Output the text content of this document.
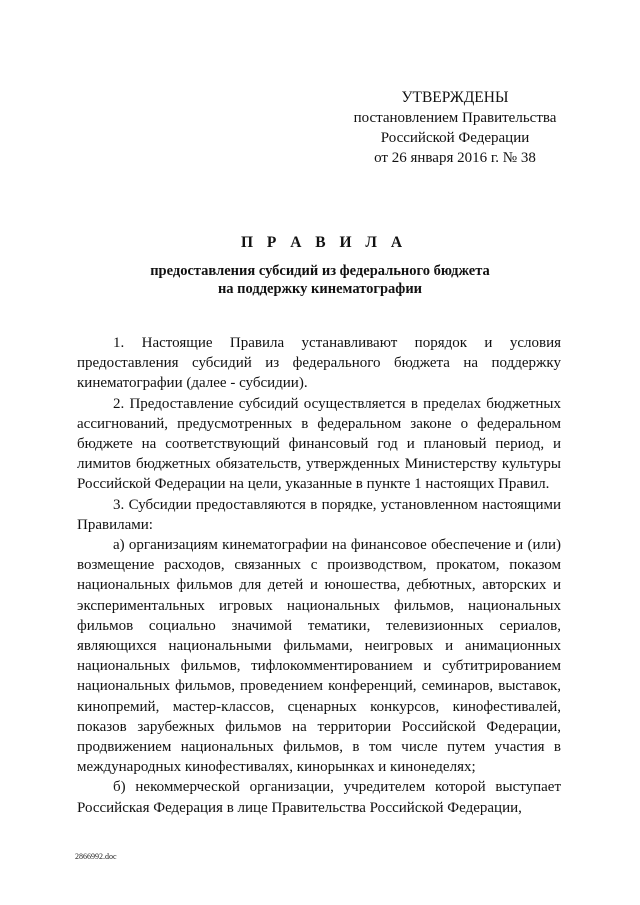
УТВЕРЖДЕНЫ
постановлением Правительства
Российской Федерации
от 26 января 2016 г. № 38
П Р А В И Л А
предоставления субсидий из федерального бюджета
на поддержку кинематографии

1. Настоящие Правила устанавливают порядок и условия предоставления субсидий из федерального бюджета на поддержку кинематографии (далее - субсидии).

2. Предоставление субсидий осуществляется в пределах бюджетных ассигнований, предусмотренных в федеральном законе о федеральном бюджете на соответствующий финансовый год и плановый период, и лимитов бюджетных обязательств, утвержденных Министерству культуры Российской Федерации на цели, указанные в пункте 1 настоящих Правил.

3. Субсидии предоставляются в порядке, установленном настоящими Правилами:

а) организациям кинематографии на финансовое обеспечение и (или) возмещение расходов, связанных с производством, прокатом, показом национальных фильмов для детей и юношества, дебютных, авторских и экспериментальных игровых национальных фильмов, национальных фильмов социально значимой тематики, телевизионных сериалов, являющихся национальными фильмами, неигровых и анимационных национальных фильмов, тифлокомментированием и субтитрированием национальных фильмов, проведением конференций, семинаров, выставок, кинопремий, мастер-классов, сценарных конкурсов, кинофестивалей, показов зарубежных фильмов на территории Российской Федерации, продвижением национальных фильмов, в том числе путем участия в международных кинофестивалях, кинорынках и кинонеделях;

б) некоммерческой организации, учредителем которой выступает Российская Федерация в лице Правительства Российской Федерации,

2866992.doc
